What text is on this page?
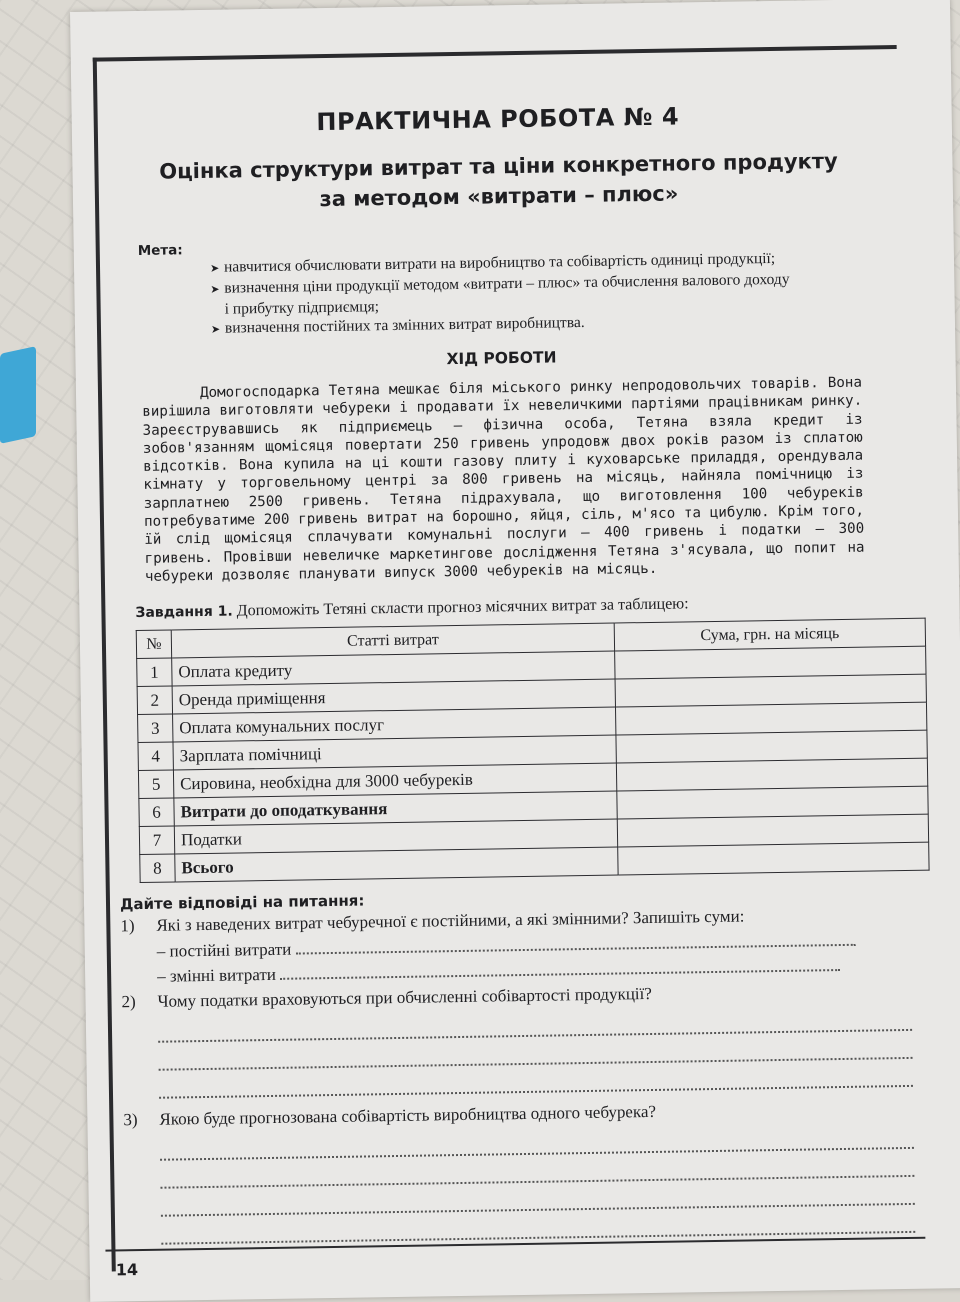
ПРАКТИЧНА РОБОТА № 4
Оцінка структури витрат та ціни конкретного продукту
за методом «витрати – плюс»
Мета:
➤ навчитися обчислювати витрати на виробництво та собівартість одиниці продукції;
➤ визначення ціни продукції методом «витрати – плюс» та обчислення валового доходу
і прибутку підприємця;
➤ визначення постійних та змінних витрат виробництва.
ХІД РОБОТИ
Домогосподарка Тетяна мешкає біля міського ринку непродовольчих товарів. Вона вирішила виготовляти чебуреки і продавати їх невеличкими партіями працівникам ринку. Зареєструвавшись як підприємець – фізична особа, Тетяна взяла кредит із зобов'язанням щомісяця повертати 250 гривень упродовж двох років разом із сплатою відсотків. Вона купила на ці кошти газову плиту і куховарське приладдя, орендувала кімнату у торговельному центрі за 800 гривень на місяць, найняла помічницю із зарплатнею 2500 гривень. Тетяна підрахувала, що виготовлення 100 чебуреків потребуватиме 200 гривень витрат на борошно, яйця, сіль, м'ясо та цибулю. Крім того, їй слід щомісяця сплачувати комунальні послуги – 400 гривень і податки – 300 гривень. Провівши невеличке маркетингове дослідження Тетяна з'ясувала, що попит на чебуреки дозволяє планувати випуск 3000 чебуреків на місяць.
Завдання 1. Допоможіть Тетяні скласти прогноз місячних витрат за таблицею:
№	Статті витрат	Сума, грн. на місяць
1	Оплата кредиту	
2	Оренда приміщення	
3	Оплата комунальних послуг	
4	Зарплата помічниці	
5	Сировина, необхідна для 3000 чебуреків	
6	Витрати до оподаткування	
7	Податки	
8	Всього	
Дайте відповіді на питання:
1) Які з наведених витрат чебуречної є постійними, а які змінними? Запишіть суми:
– постійні витрати
– змінні витрати
2) Чому податки враховуються при обчисленні собівартості продукції?
3) Якою буде прогнозована собівартість виробництва одного чебурека?
14
